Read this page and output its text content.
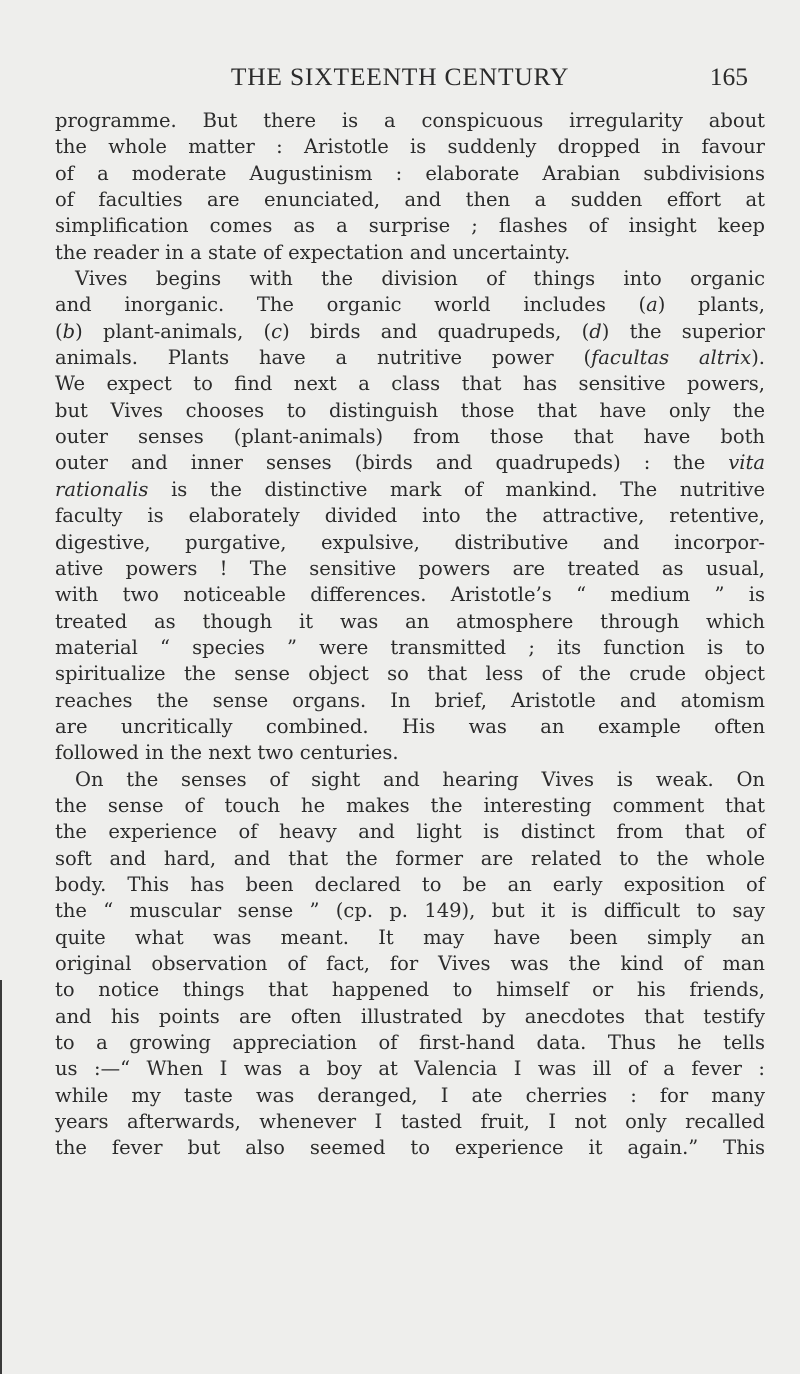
THE SIXTEENTH CENTURY	165
programme. But there is a conspicuous irregularity about
the whole matter : Aristotle is suddenly dropped in favour
of a moderate Augustinism : elaborate Arabian subdivisions
of faculties are enunciated, and then a sudden effort at
simplification comes as a surprise ; flashes of insight keep
the reader in a state of expectation and uncertainty.
Vives begins with the division of things into organic
and inorganic. The organic world includes (a) plants,
(b) plant-animals, (c) birds and quadrupeds, (d) the superior
animals. Plants have a nutritive power (facultas altrix).
We expect to find next a class that has sensitive powers,
but Vives chooses to distinguish those that have only the
outer senses (plant-animals) from those that have both
outer and inner senses (birds and quadrupeds) : the vita
rationalis is the distinctive mark of mankind. The nutritive
faculty is elaborately divided into the attractive, retentive,
digestive, purgative, expulsive, distributive and incorpor-
ative powers ! The sensitive powers are treated as usual,
with two noticeable differences. Aristotle’s “ medium ” is
treated as though it was an atmosphere through which
material “ species ” were transmitted ; its function is to
spiritualize the sense object so that less of the crude object
reaches the sense organs. In brief, Aristotle and atomism
are uncritically combined. His was an example often
followed in the next two centuries.
On the senses of sight and hearing Vives is weak. On
the sense of touch he makes the interesting comment that
the experience of heavy and light is distinct from that of
soft and hard, and that the former are related to the whole
body. This has been declared to be an early exposition of
the “ muscular sense ” (cp. p. 149), but it is difficult to say
quite what was meant. It may have been simply an
original observation of fact, for Vives was the kind of man
to notice things that happened to himself or his friends,
and his points are often illustrated by anecdotes that testify
to a growing appreciation of first-hand data. Thus he tells
us :—“ When I was a boy at Valencia I was ill of a fever :
while my taste was deranged, I ate cherries : for many
years afterwards, whenever I tasted fruit, I not only recalled
the fever but also seemed to experience it again.” This
